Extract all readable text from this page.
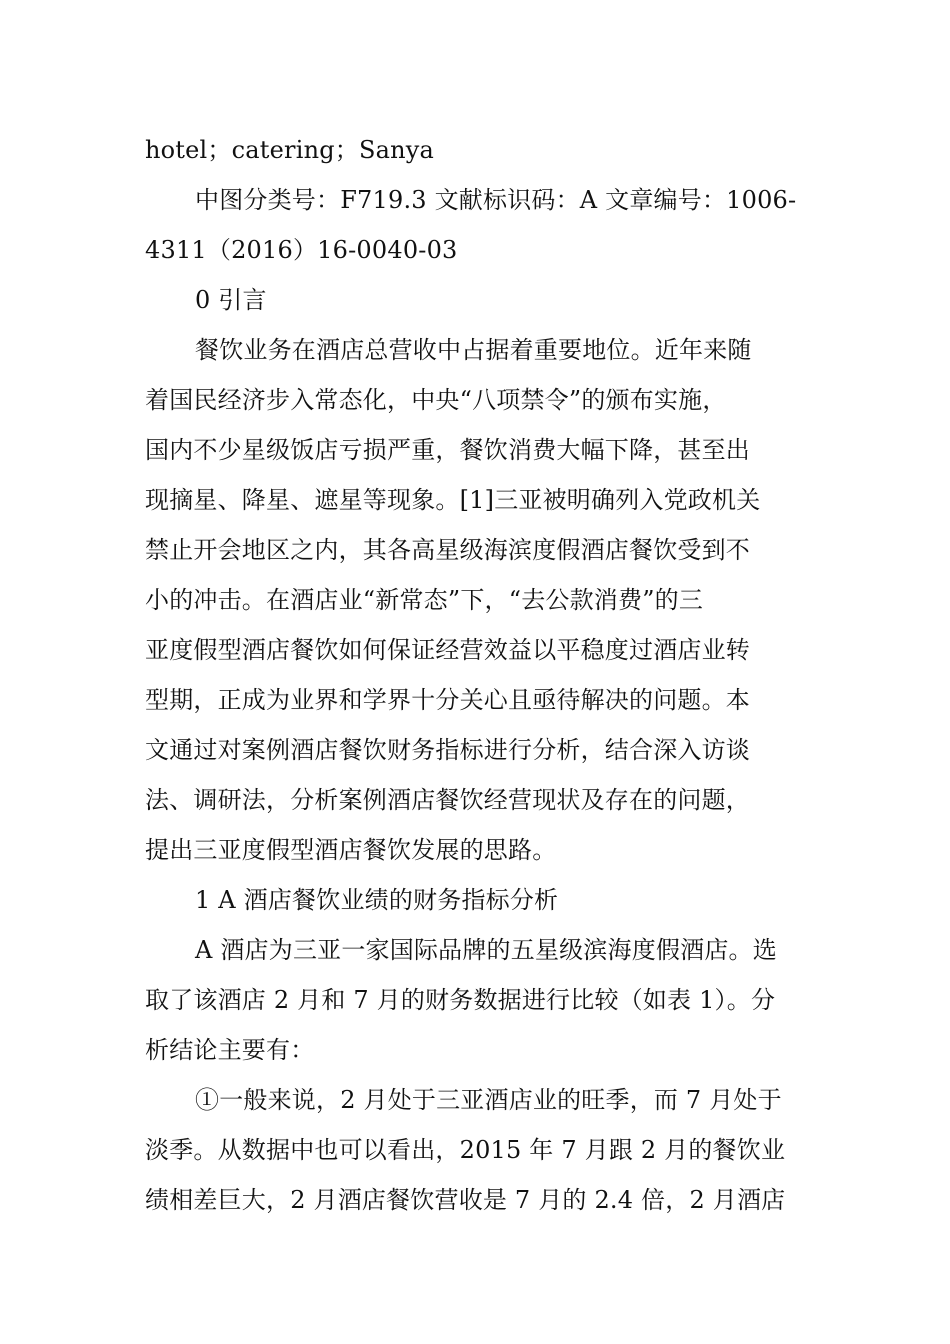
hotel；catering；Sanya
中图分类号：F719.3 文献标识码：A 文章编号：1006-
4311（2016）16-0040-03
0 引言
餐饮业务在酒店总营收中占据着重要地位。近年来随
着国民经济步入常态化，中央“八项禁令”的颁布实施，
国内不少星级饭店亏损严重，餐饮消费大幅下降，甚至出
现摘星、降星、遮星等现象。[1]三亚被明确列入党政机关
禁止开会地区之内，其各高星级海滨度假酒店餐饮受到不
小的冲击。在酒店业“新常态”下，“去公款消费”的三
亚度假型酒店餐饮如何保证经营效益以平稳度过酒店业转
型期，正成为业界和学界十分关心且亟待解决的问题。本
文通过对案例酒店餐饮财务指标进行分析，结合深入访谈
法、调研法，分析案例酒店餐饮经营现状及存在的问题，
提出三亚度假型酒店餐饮发展的思路。
1 A 酒店餐饮业绩的财务指标分析
A 酒店为三亚一家国际品牌的五星级滨海度假酒店。选
取了该酒店 2 月和 7 月的财务数据进行比较（如表 1）。分
析结论主要有：
①一般来说，2 月处于三亚酒店业的旺季，而 7 月处于
淡季。从数据中也可以看出，2015 年 7 月跟 2 月的餐饮业
绩相差巨大，2 月酒店餐饮营收是 7 月的 2.4 倍，2 月酒店
